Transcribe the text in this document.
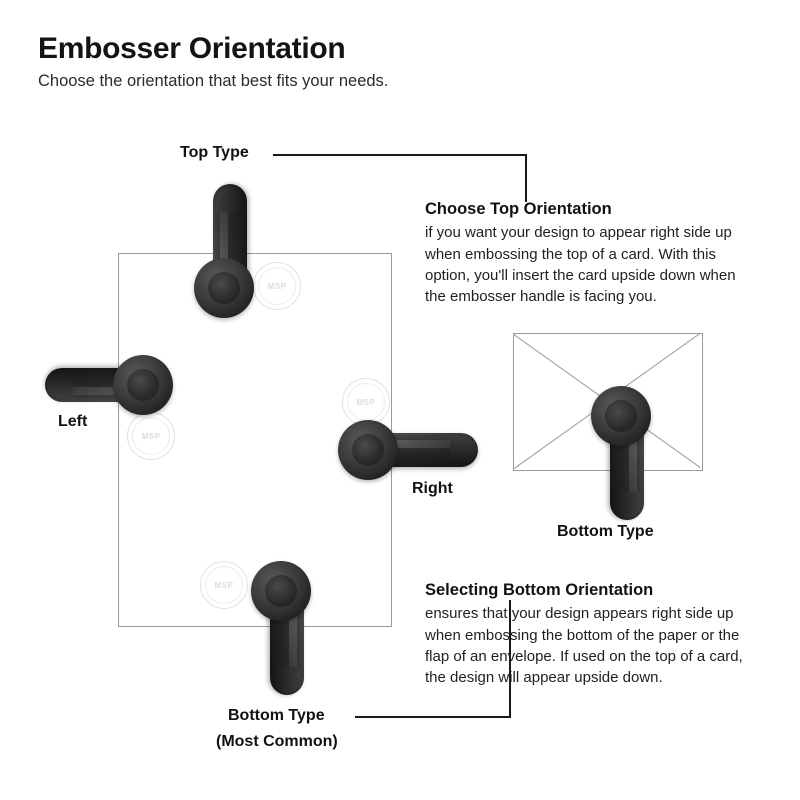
Embosser Orientation
Choose the orientation that best fits your needs.
MSP
MSP
MSP
MSP
Top Type
Left
Right
Bottom Type
Bottom Type
(Most Common)

Choose Top Orientation

if you want your design to appear right side up when embossing the top of a card. With this option, you'll insert the card upside down when the embosser handle is facing you.

Selecting Bottom Orientation

ensures that your design appears right side up when embossing the bottom of the paper or the flap of an envelope. If used on the top of a card, the design will appear upside down.
